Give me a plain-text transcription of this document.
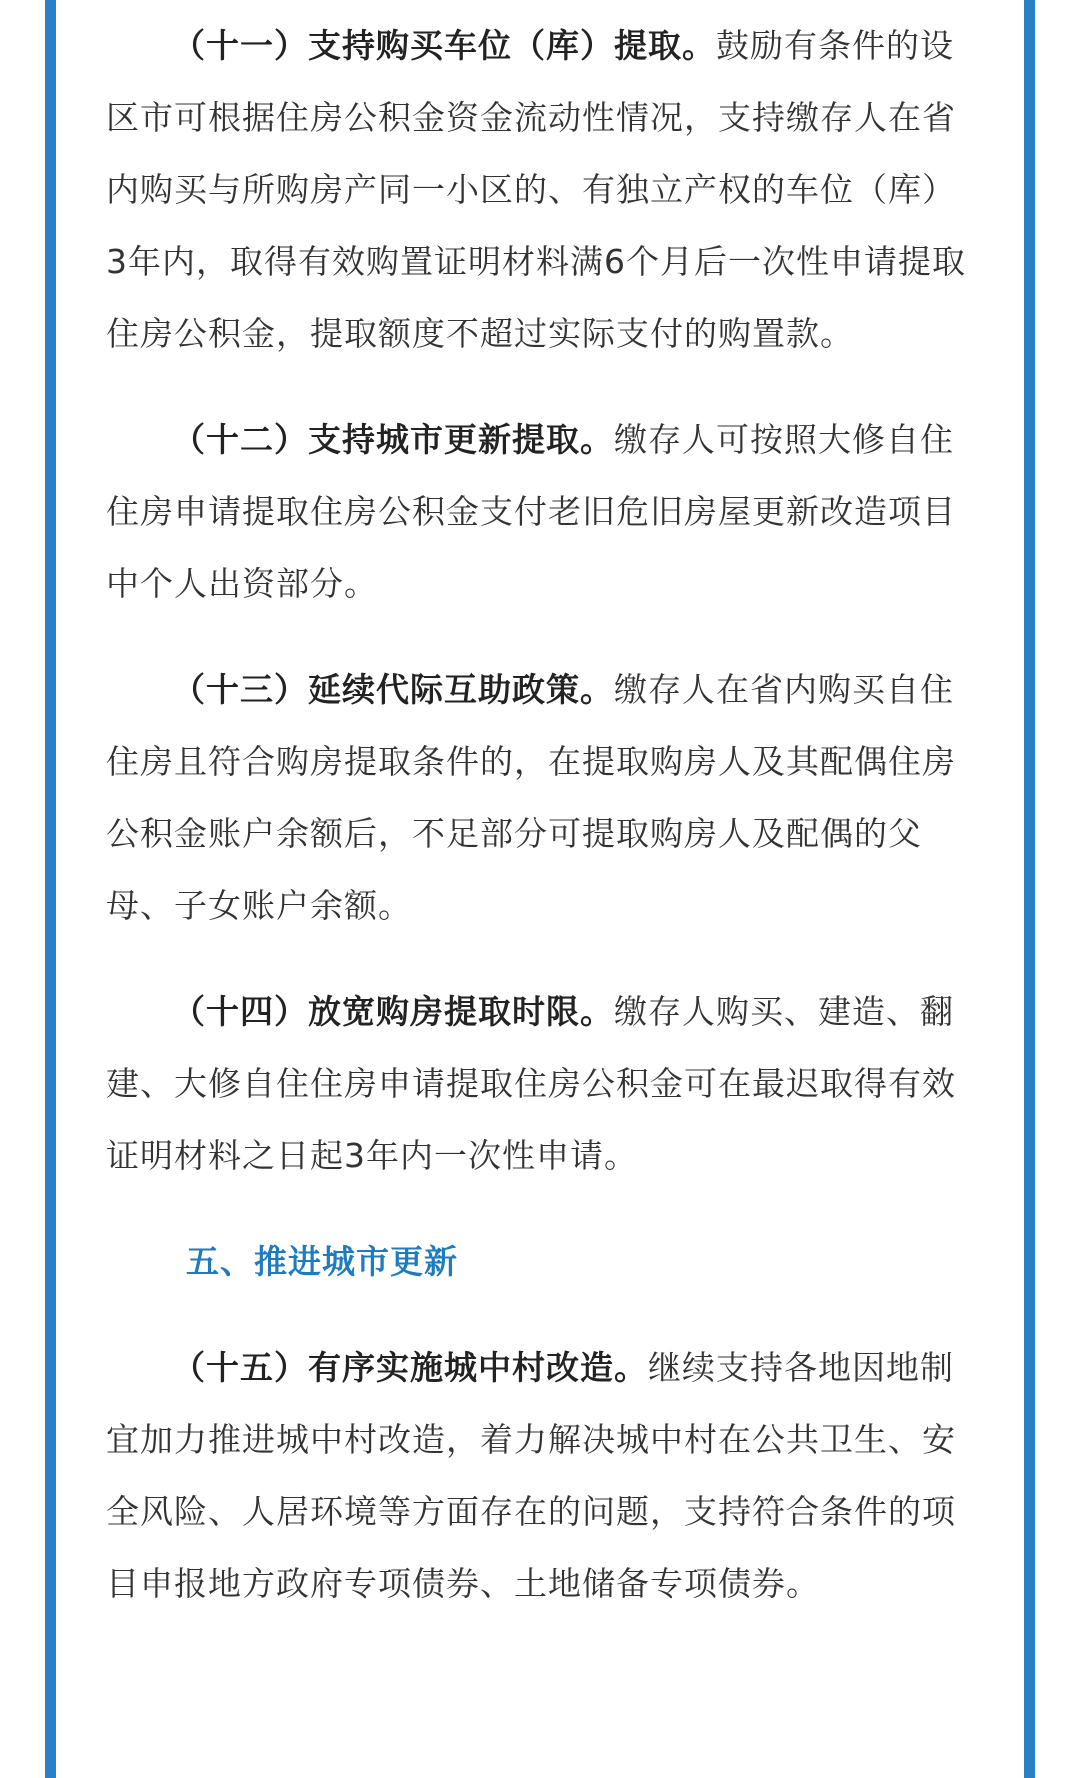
（十一）支持购买车位（库）提取。鼓励有条件的设区市可根据住房公积金资金流动性情况，支持缴存人在省内购买与所购房产同一小区的、有独立产权的车位（库）3年内，取得有效购置证明材料满6个月后一次性申请提取住房公积金，提取额度不超过实际支付的购置款。

（十二）支持城市更新提取。缴存人可按照大修自住住房申请提取住房公积金支付老旧危旧房屋更新改造项目中个人出资部分。

（十三）延续代际互助政策。缴存人在省内购买自住住房且符合购房提取条件的，在提取购房人及其配偶住房公积金账户余额后，不足部分可提取购房人及配偶的父母、子女账户余额。

（十四）放宽购房提取时限。缴存人购买、建造、翻建、大修自住住房申请提取住房公积金可在最迟取得有效证明材料之日起3年内一次性申请。

五、推进城市更新

（十五）有序实施城中村改造。继续支持各地因地制宜加力推进城中村改造，着力解决城中村在公共卫生、安全风险、人居环境等方面存在的问题，支持符合条件的项目申报地方政府专项债券、土地储备专项债券。
